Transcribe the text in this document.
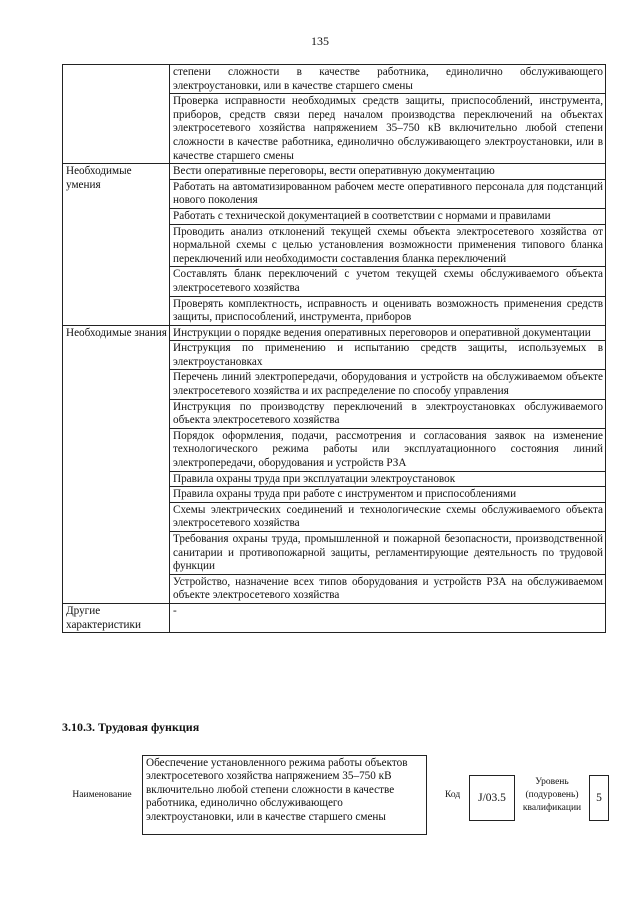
135
	степени сложности в качестве работника, единолично обслуживающего электроустановки, или в качестве старшего смены
	Проверка исправности необходимых средств защиты, приспособлений, инструмента, приборов, средств связи перед началом производства переключений на объектах электросетевого хозяйства напряжением 35–750 кВ включительно любой степени сложности в качестве работника, единолично обслуживающего электроустановки, или в качестве старшего смены
Необходимые умения	Вести оперативные переговоры, вести оперативную документацию
	Работать на автоматизированном рабочем месте оперативного персонала для подстанций нового поколения
	Работать с технической документацией в соответствии с нормами и правилами
	Проводить анализ отклонений текущей схемы объекта электросетевого хозяйства от нормальной схемы с целью установления возможности применения типового бланка переключений или необходимости составления бланка переключений
	Составлять бланк переключений с учетом текущей схемы обслуживаемого объекта электросетевого хозяйства
	Проверять комплектность, исправность и оценивать возможность применения средств защиты, приспособлений, инструмента, приборов
Необходимые знания	Инструкции о порядке ведения оперативных переговоров и оперативной документации
	Инструкция по применению и испытанию средств защиты, используемых в электроустановках
	Перечень линий электропередачи, оборудования и устройств на обслуживаемом объекте электросетевого хозяйства и их распределение по способу управления
	Инструкция по производству переключений в электроустановках обслуживаемого объекта электросетевого хозяйства
	Порядок оформления, подачи, рассмотрения и согласования заявок на изменение технологического режима работы или эксплуатационного состояния линий электропередачи, оборудования и устройств РЗА
	Правила охраны труда при эксплуатации электроустановок
	Правила охраны труда при работе с инструментом и приспособлениями
	Схемы электрических соединений и технологические схемы обслуживаемого объекта электросетевого хозяйства
	Требования охраны труда, промышленной и пожарной безопасности, производственной санитарии и противопожарной защиты, регламентирующие деятельность по трудовой функции
	Устройство, назначение всех типов оборудования и устройств РЗА на обслуживаемом объекте электросетевого хозяйства
Другие характеристики	-
3.10.3. Трудовая функция
Наименование
Обеспечение установленного режима работы объектов электросетевого хозяйства напряжением 35–750 кВ включительно любой степени сложности в качестве работника, единолично обслуживающего электроустановки, или в качестве старшего смены
Код	J/03.5
Уровень (подуровень) квалификации
5
